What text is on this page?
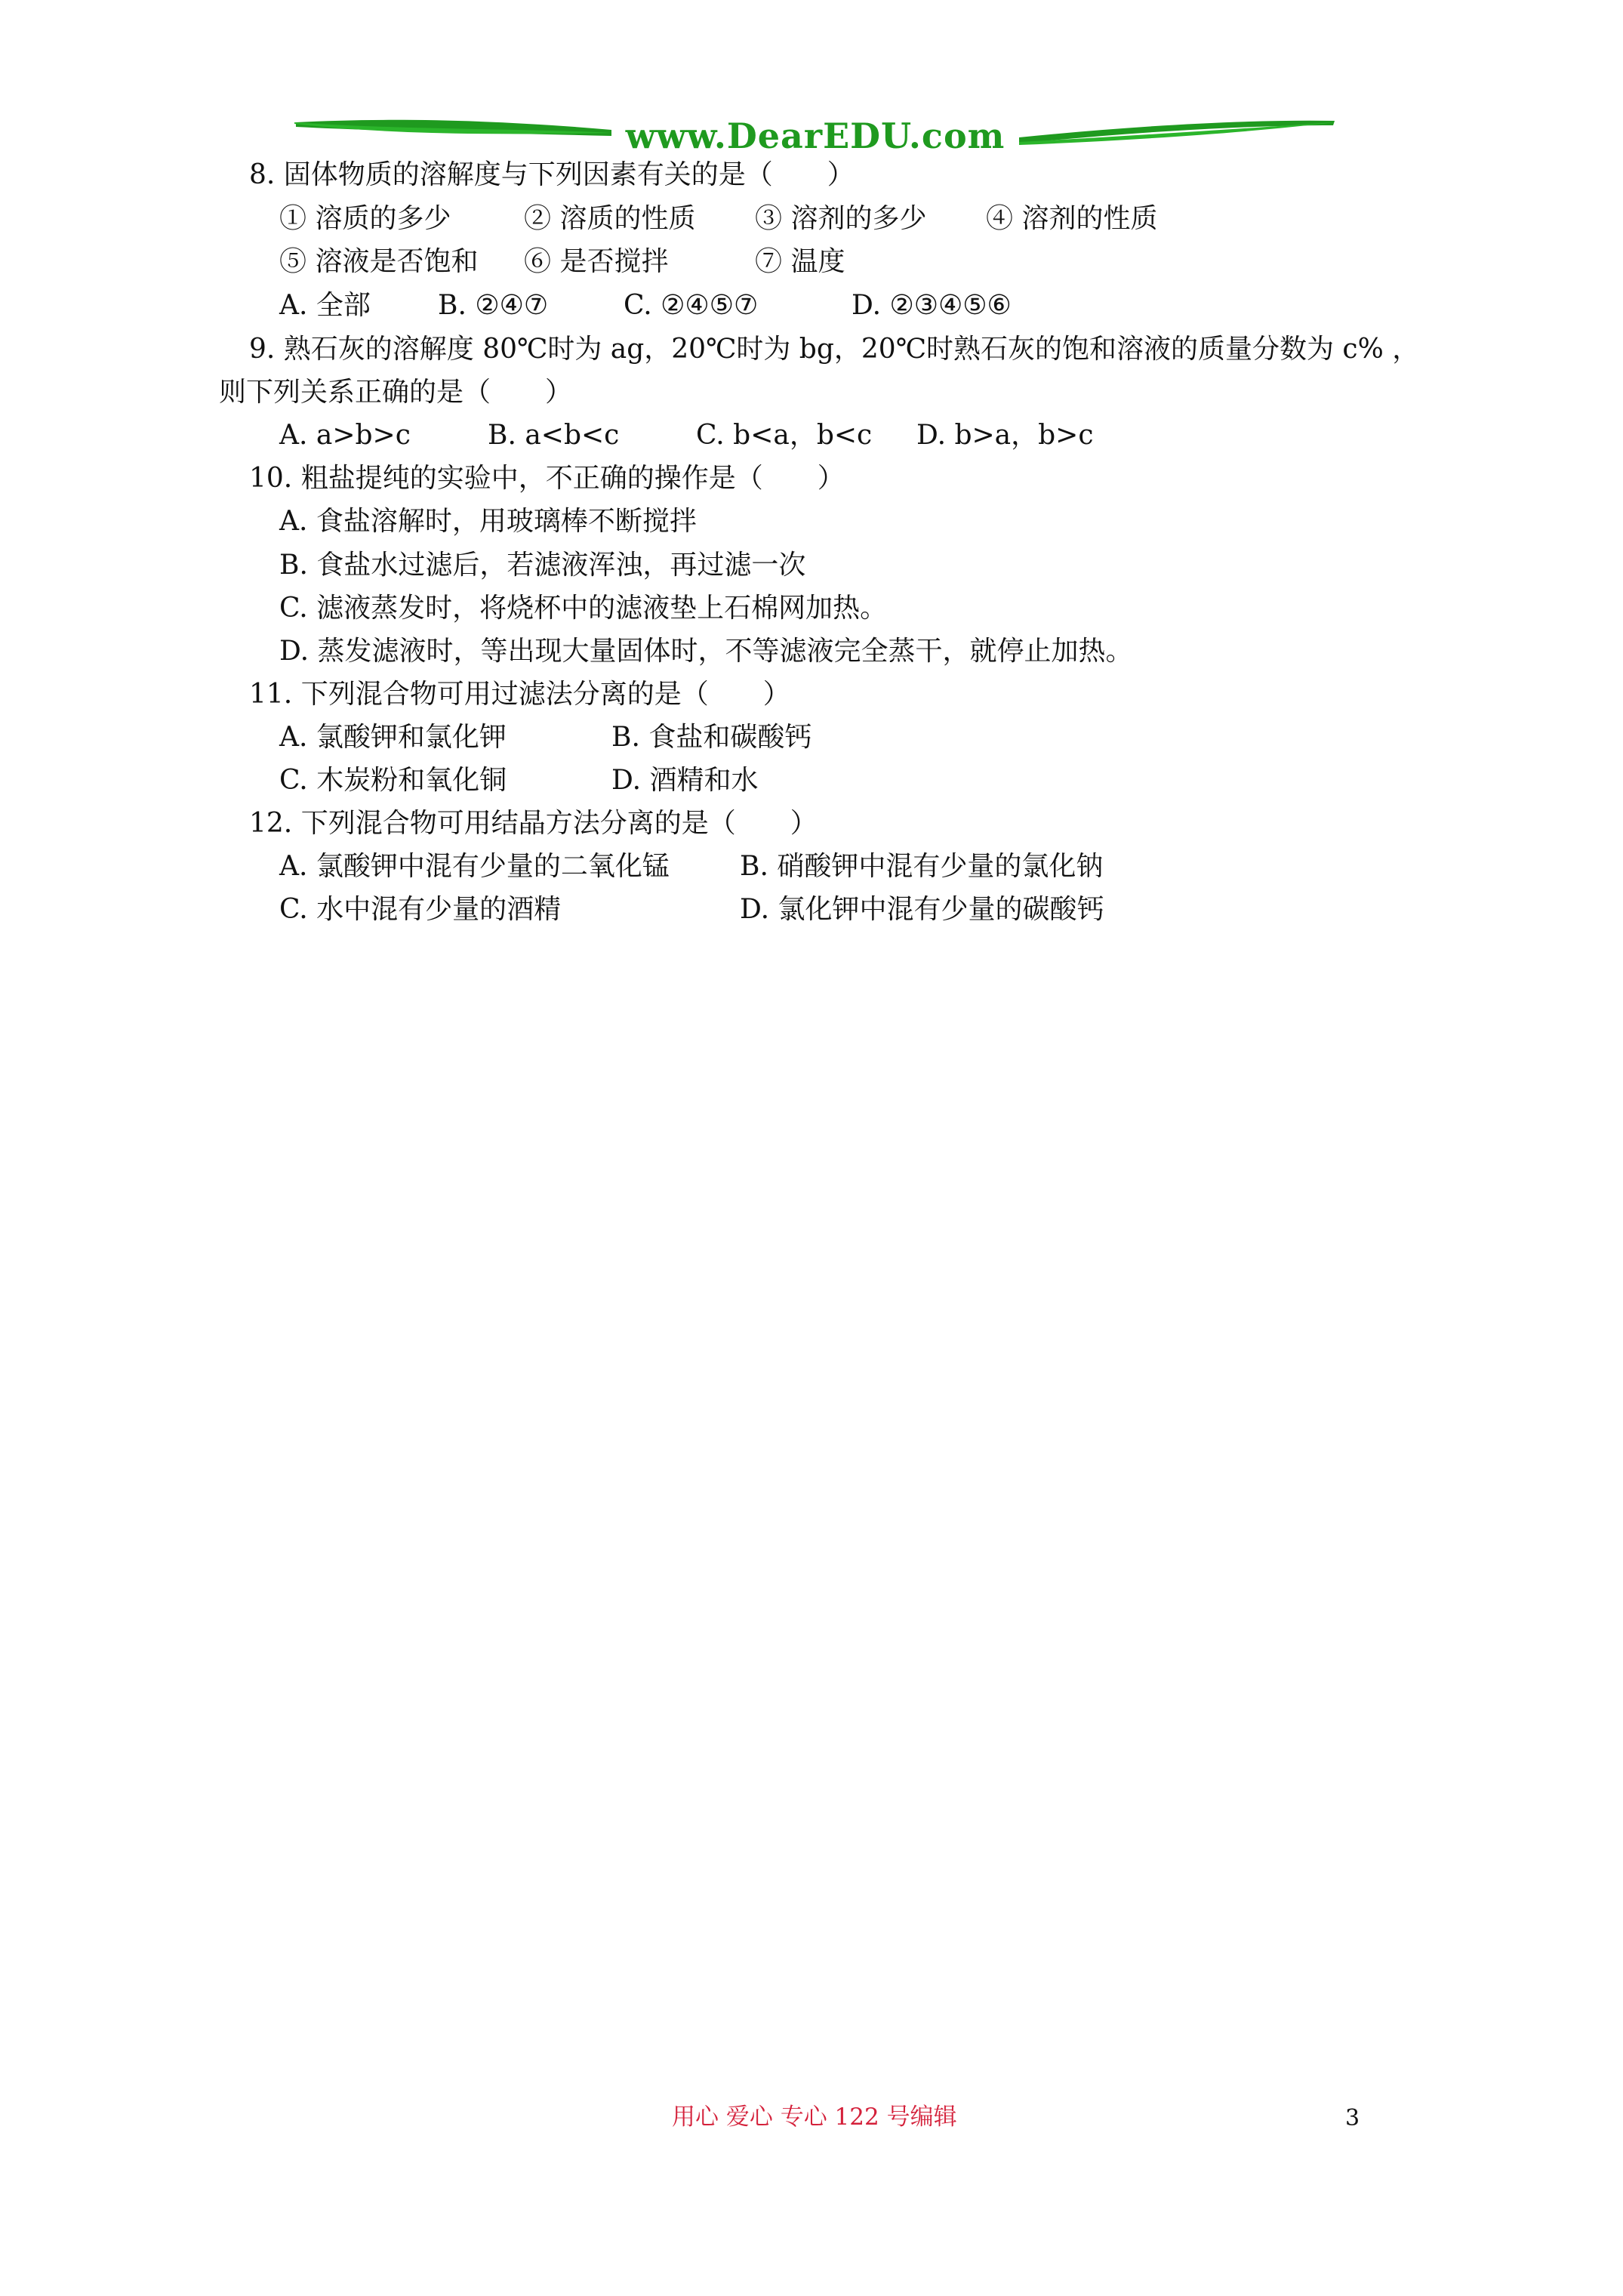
www.DearEDU.com
8. 固体物质的溶解度与下列因素有关的是（　　）
① 溶质的多少	② 溶质的性质 ③ 溶剂的多少 ④ 溶剂的性质
⑤ 溶液是否饱和 ⑥ 是否搅拌	⑦ 温度
A. 全部 B. ②④⑦	C. ②④⑤⑦	D. ②③④⑤⑥
9. 熟石灰的溶解度 80℃时为 ag，20℃时为 bg，20℃时熟石灰的饱和溶液的质量分数为 c% ，
则下列关系正确的是（　　）
A. a>b>c	B. a<b<c	C. b<a，b<c D. b>a，b>c
10. 粗盐提纯的实验中，不正确的操作是（　　）
A. 食盐溶解时，用玻璃棒不断搅拌
B. 食盐水过滤后，若滤液浑浊，再过滤一次
C. 滤液蒸发时，将烧杯中的滤液垫上石棉网加热。
D. 蒸发滤液时，等出现大量固体时，不等滤液完全蒸干，就停止加热。
11. 下列混合物可用过滤法分离的是（　　）
A. 氯酸钾和氯化钾	B. 食盐和碳酸钙
C. 木炭粉和氧化铜	D. 酒精和水
12. 下列混合物可用结晶方法分离的是（　　）
A. 氯酸钾中混有少量的二氧化锰	B. 硝酸钾中混有少量的氯化钠
C. 水中混有少量的酒精	D. 氯化钾中混有少量的碳酸钙
用心 爱心 专心 122 号编辑	3
